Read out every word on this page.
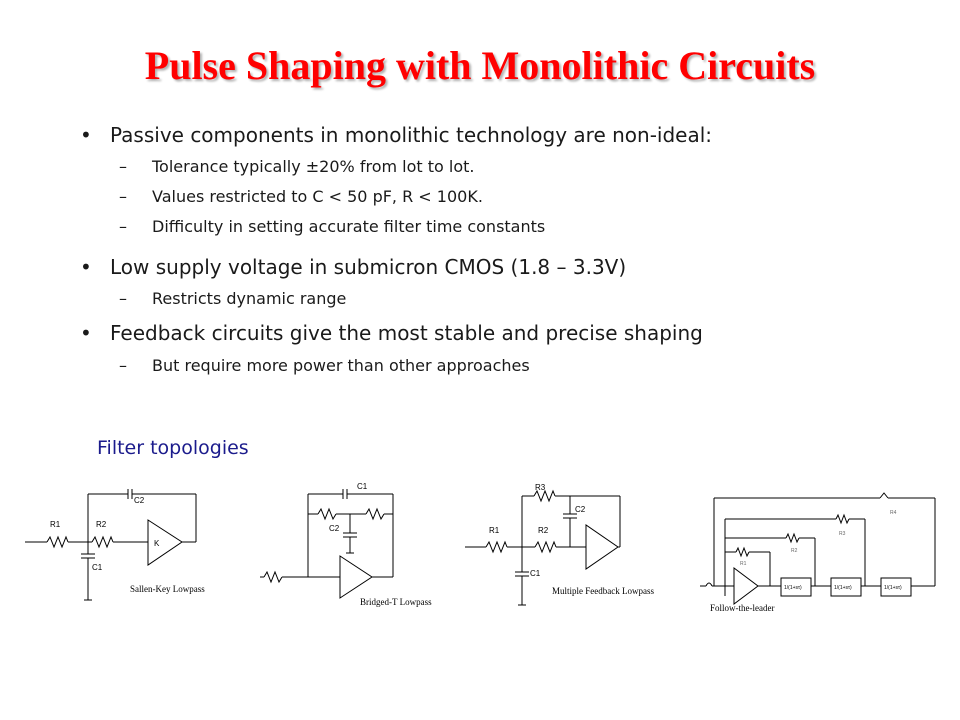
Pulse Shaping with Monolithic Circuits
• Passive components in monolithic technology are non-ideal:
– Tolerance typically ±20% from lot to lot.
– Values restricted to C < 50 pF, R < 100K.
– Difficulty in setting accurate filter time constants
• Low supply voltage in submicron CMOS (1.8 – 3.3V)
– Restricts dynamic range
• Feedback circuits give the most stable and precise shaping
– But require more power than other approaches
Filter topologies
R1	R2
C2
C1
K
Sallen-Key Lowpass
C1
C2
Bridged-T Lowpass
R1	R2
R3
C2
C1
Multiple Feedback Lowpass
R1
R2
R3
R4
1/(1+sτ)	1/(1+sτ)	1/(1+sτ)
Follow-the-leader
